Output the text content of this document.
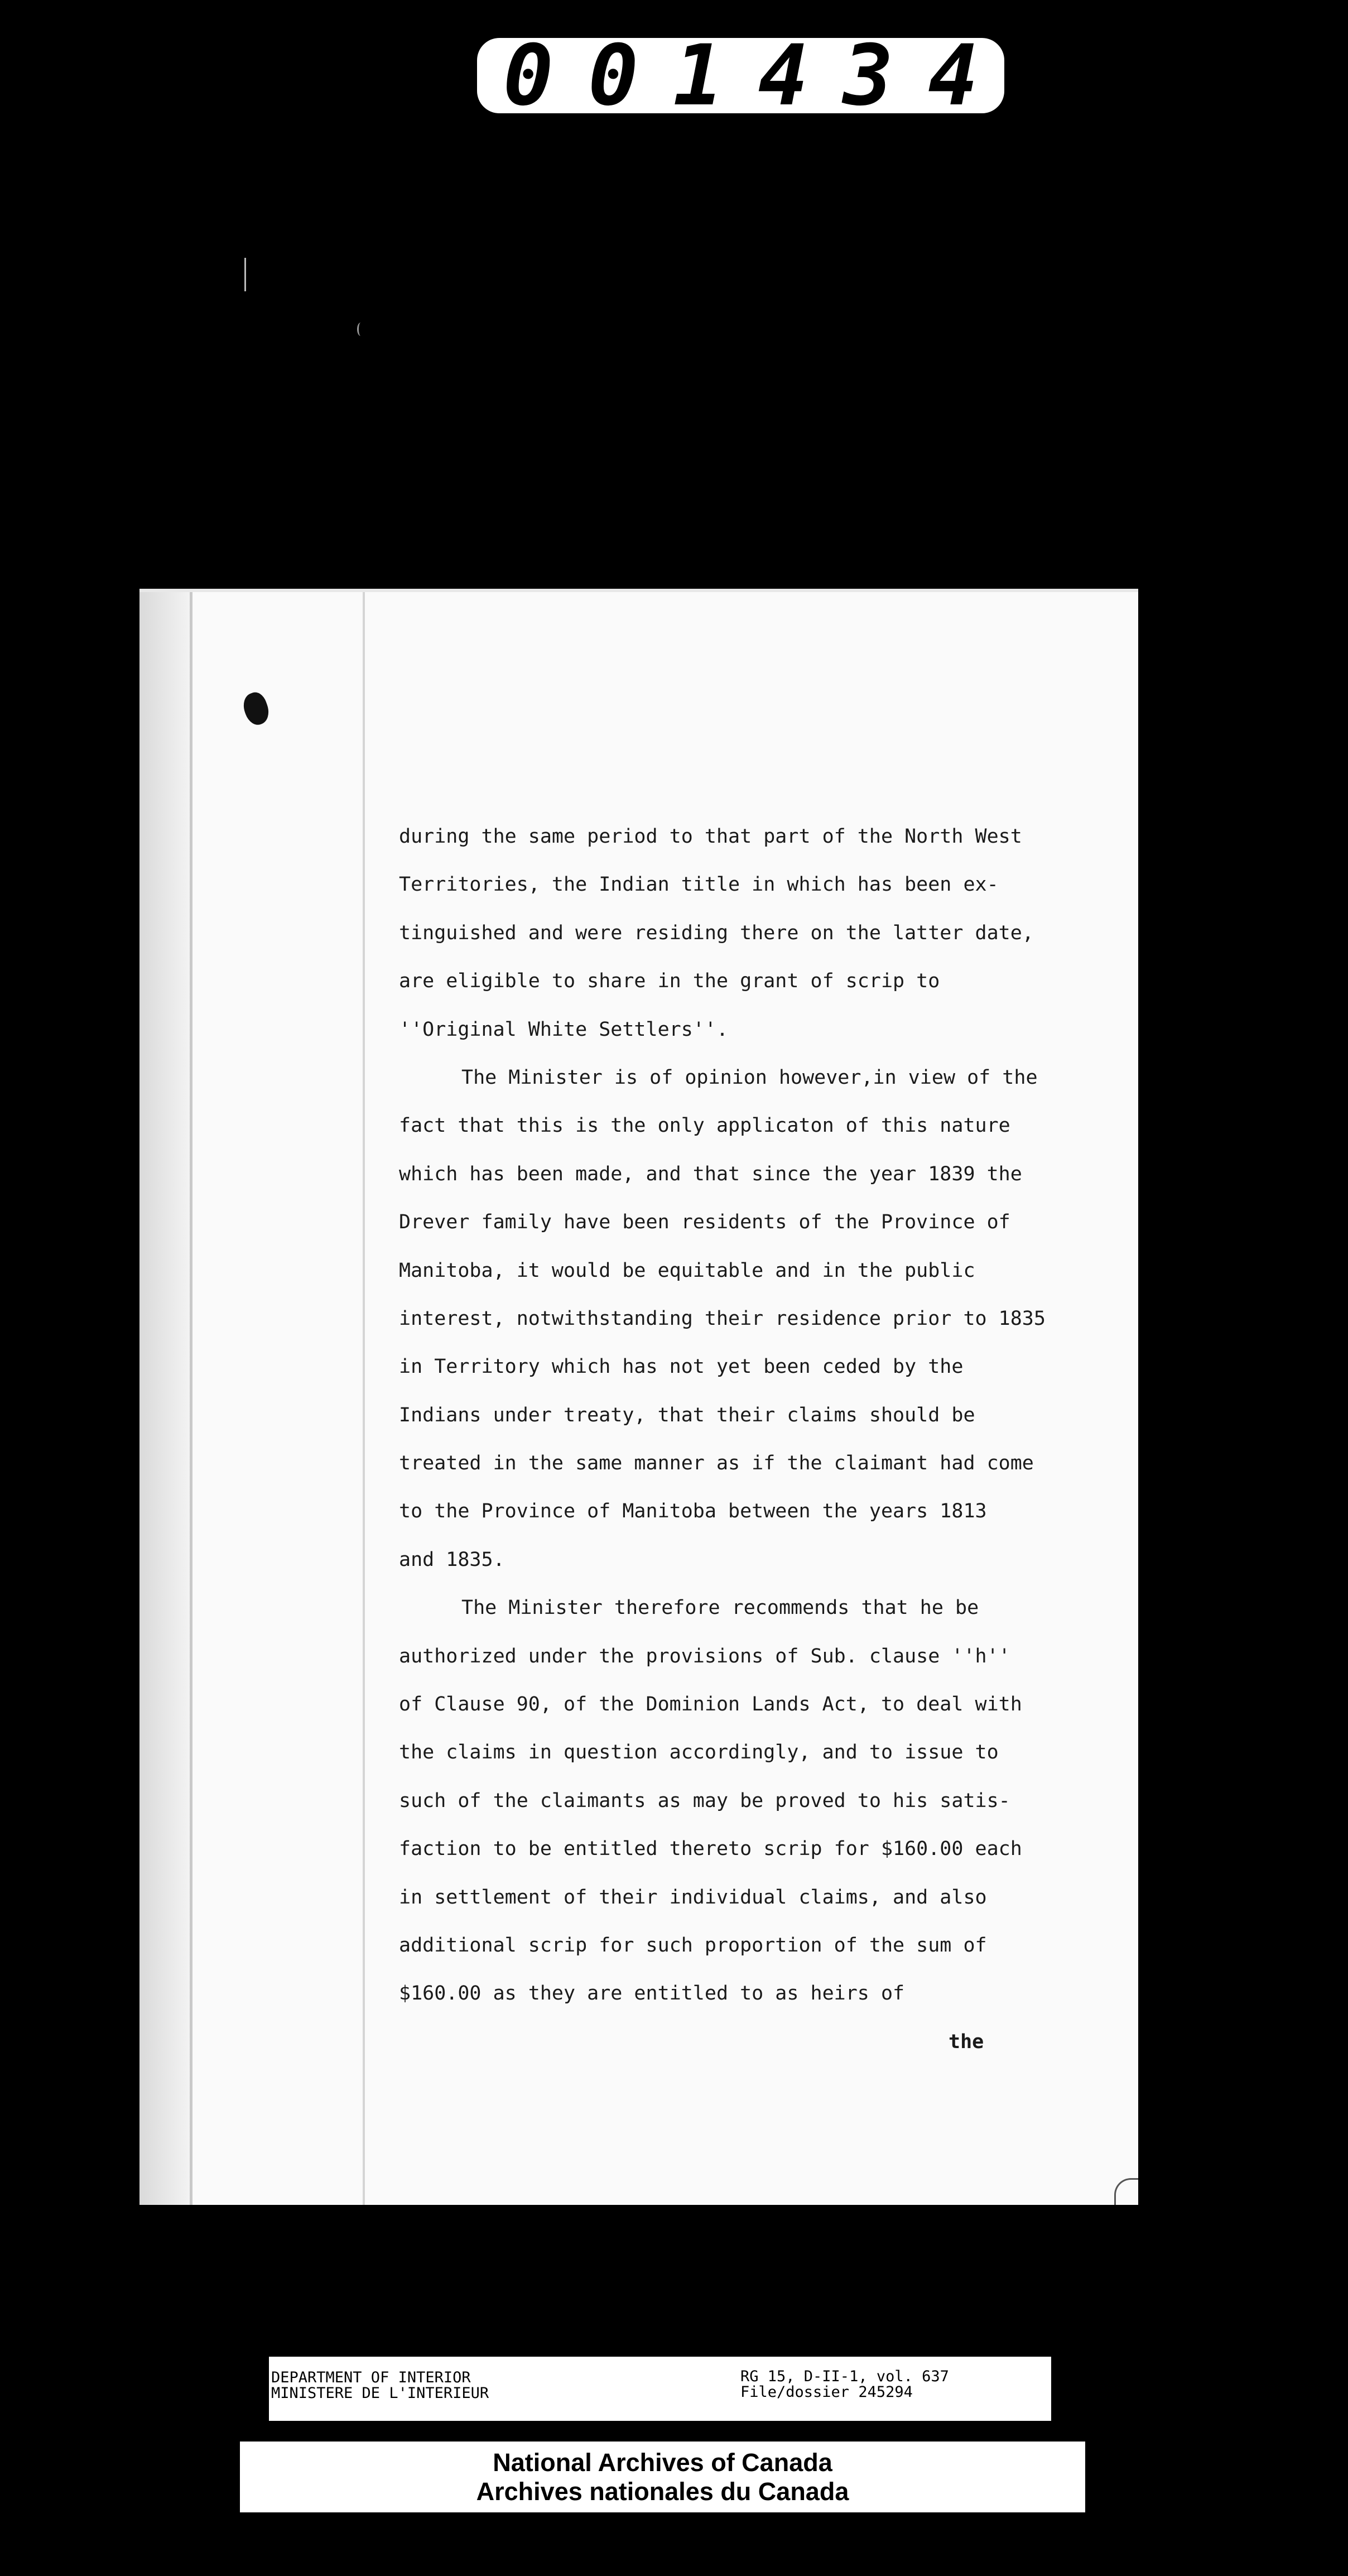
001434
during the same period to that part of the North West
Territories, the Indian title in which has been ex-
tinguished and were residing there on the latter date,
are eligible to share in the grant of scrip to
''Original White Settlers''.
The Minister is of opinion however,in view of the
fact that this is the only applicaton of this nature
which has been made, and that since the year 1839 the
Drever family have been residents of the Province of
Manitoba, it would be equitable and in the public
interest, notwithstanding their residence prior to 1835
in Territory which has not yet been ceded by the
Indians under treaty, that their claims should be
treated in the same manner as if the claimant had come
to the Province of Manitoba between the years 1813
and 1835.
The Minister therefore recommends that he be
authorized under the provisions of Sub. clause ''h''
of Clause 90, of the Dominion Lands Act, to deal with
the claims in question accordingly, and to issue to
such of the claimants as may be proved to his satis-
faction to be entitled thereto scrip for $160.00 each
in settlement of their individual claims, and also
additional scrip for such proportion of the sum of
$160.00 as they are entitled to as heirs of
the
DEPARTMENT OF INTERIOR
MINISTERE DE L'INTERIEUR
RG 15, D-II-1, vol. 637
File/dossier 245294
National Archives of Canada
Archives nationales du Canada
